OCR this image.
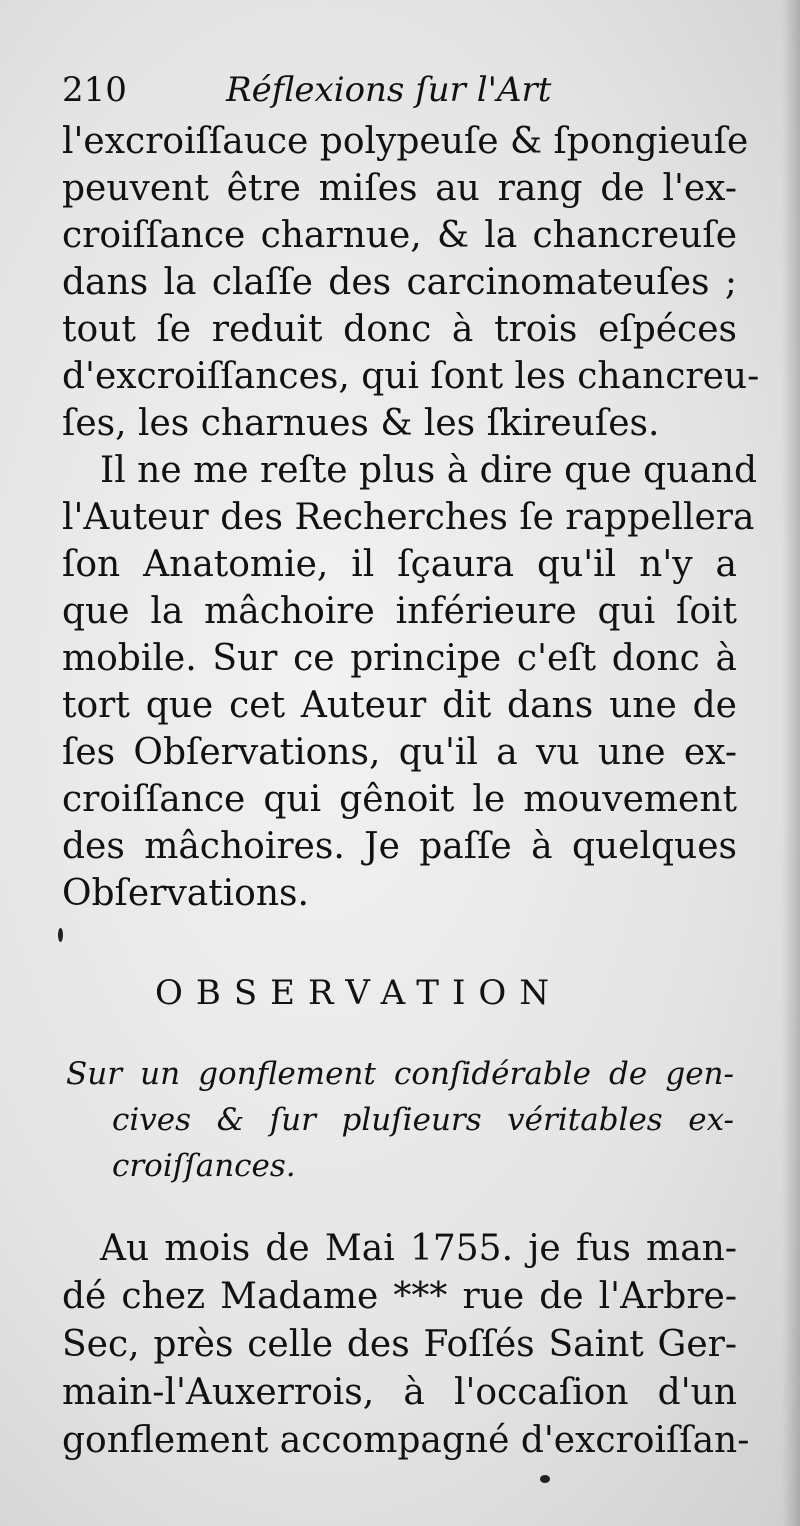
210	Réflexions ſur l'Art
l'excroiſſauce polypeuſe & ſpongieuſe
peuvent être miſes au rang de l'ex-
croiſſance charnue, & la chancreuſe
dans la claſſe des carcinomateuſes ;
tout ſe reduit donc à trois eſpéces
d'excroiſſances, qui ſont les chancreu-
ſes, les charnues & les ſkireuſes.
Il ne me reſte plus à dire que quand
l'Auteur des Recherches ſe rappellera
ſon Anatomie, il ſçaura qu'il n'y a
que la mâchoire inférieure qui ſoit
mobile. Sur ce principe c'eſt donc à
tort que cet Auteur dit dans une de
ſes Obſervations, qu'il a vu une ex-
croiſſance qui gênoit le mouvement
des mâchoires. Je paſſe à quelques
Obſervations.
OBSERVATION
Sur un gonflement conſidérable de gen-
cives & ſur pluſieurs véritables ex-
croiſſances.
Au mois de Mai 1755. je fus man-
dé chez Madame *** rue de l'Arbre-
Sec, près celle des Foſſés Saint Ger-
main-l'Auxerrois, à l'occaſion d'un
gonflement accompagné d'excroiſſan-
